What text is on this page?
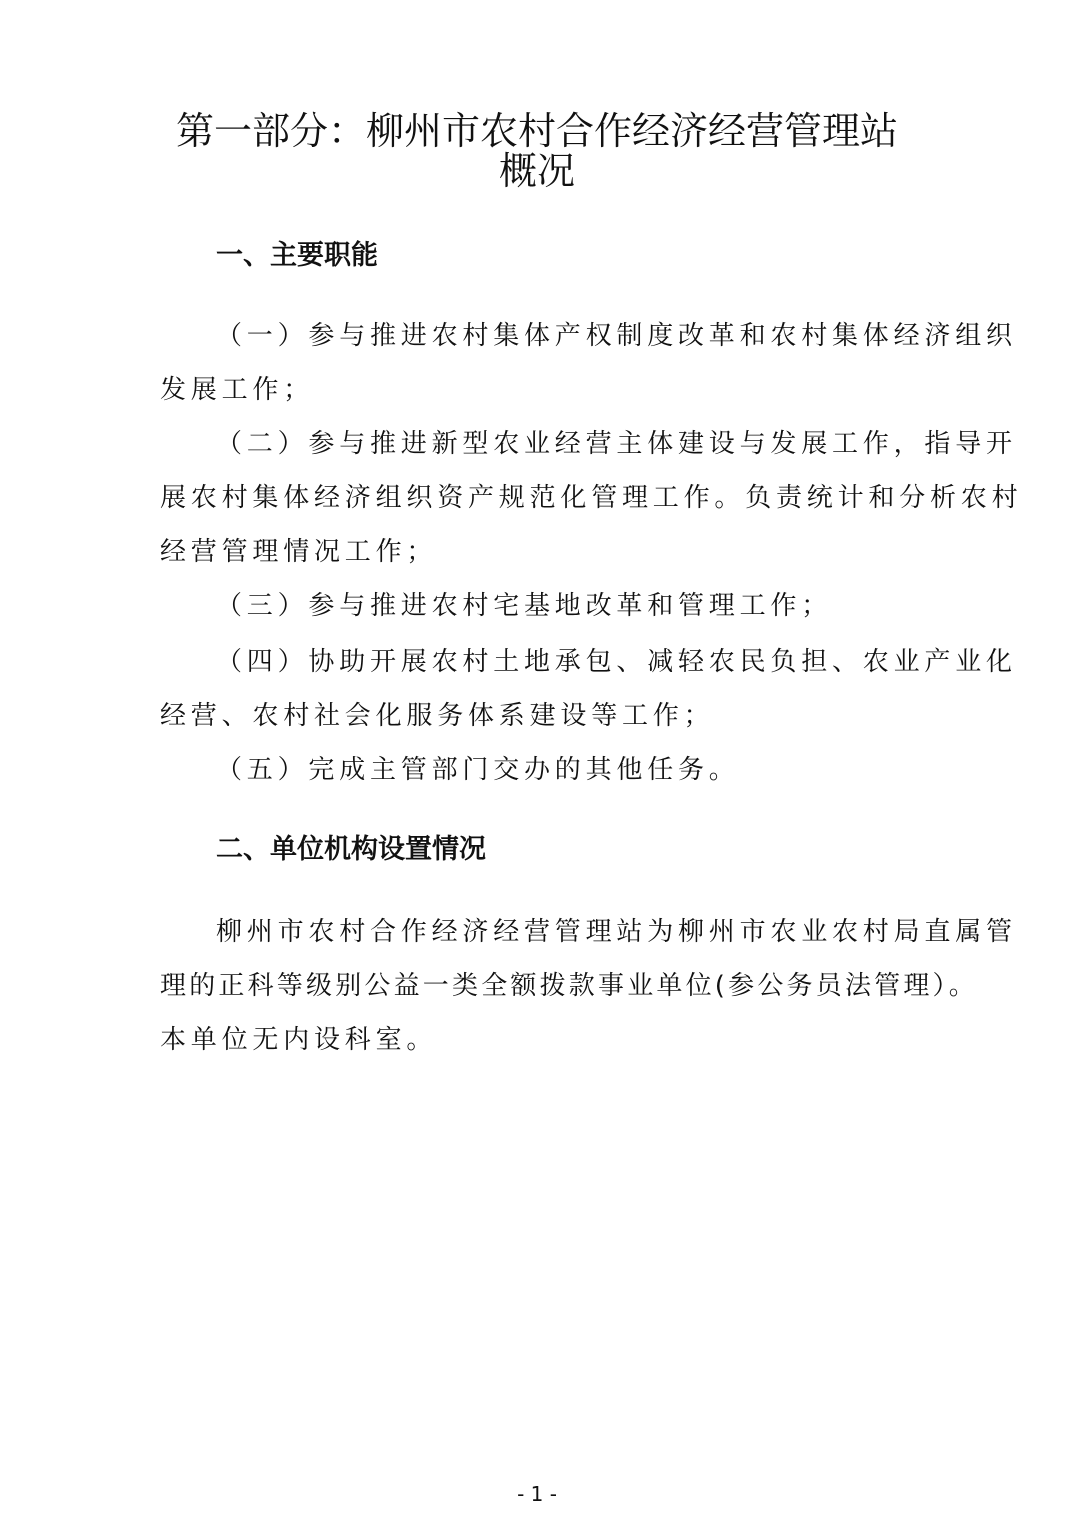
第一部分：柳州市农村合作经济经营管理站
概况
一、主要职能

（一）参与推进农村集体产权制度改革和农村集体经济组织

发展工作；

（二）参与推进新型农业经营主体建设与发展工作，指导开

展农村集体经济组织资产规范化管理工作。负责统计和分析农村

经营管理情况工作；

（三）参与推进农村宅基地改革和管理工作；

（四）协助开展农村土地承包、减轻农民负担、农业产业化

经营、农村社会化服务体系建设等工作；

（五）完成主管部门交办的其他任务。

二、单位机构设置情况

柳州市农村合作经济经营管理站为柳州市农业农村局直属管

理的正科等级别公益一类全额拨款事业单位(参公务员法管理）。

本单位无内设科室。

- 1 -
